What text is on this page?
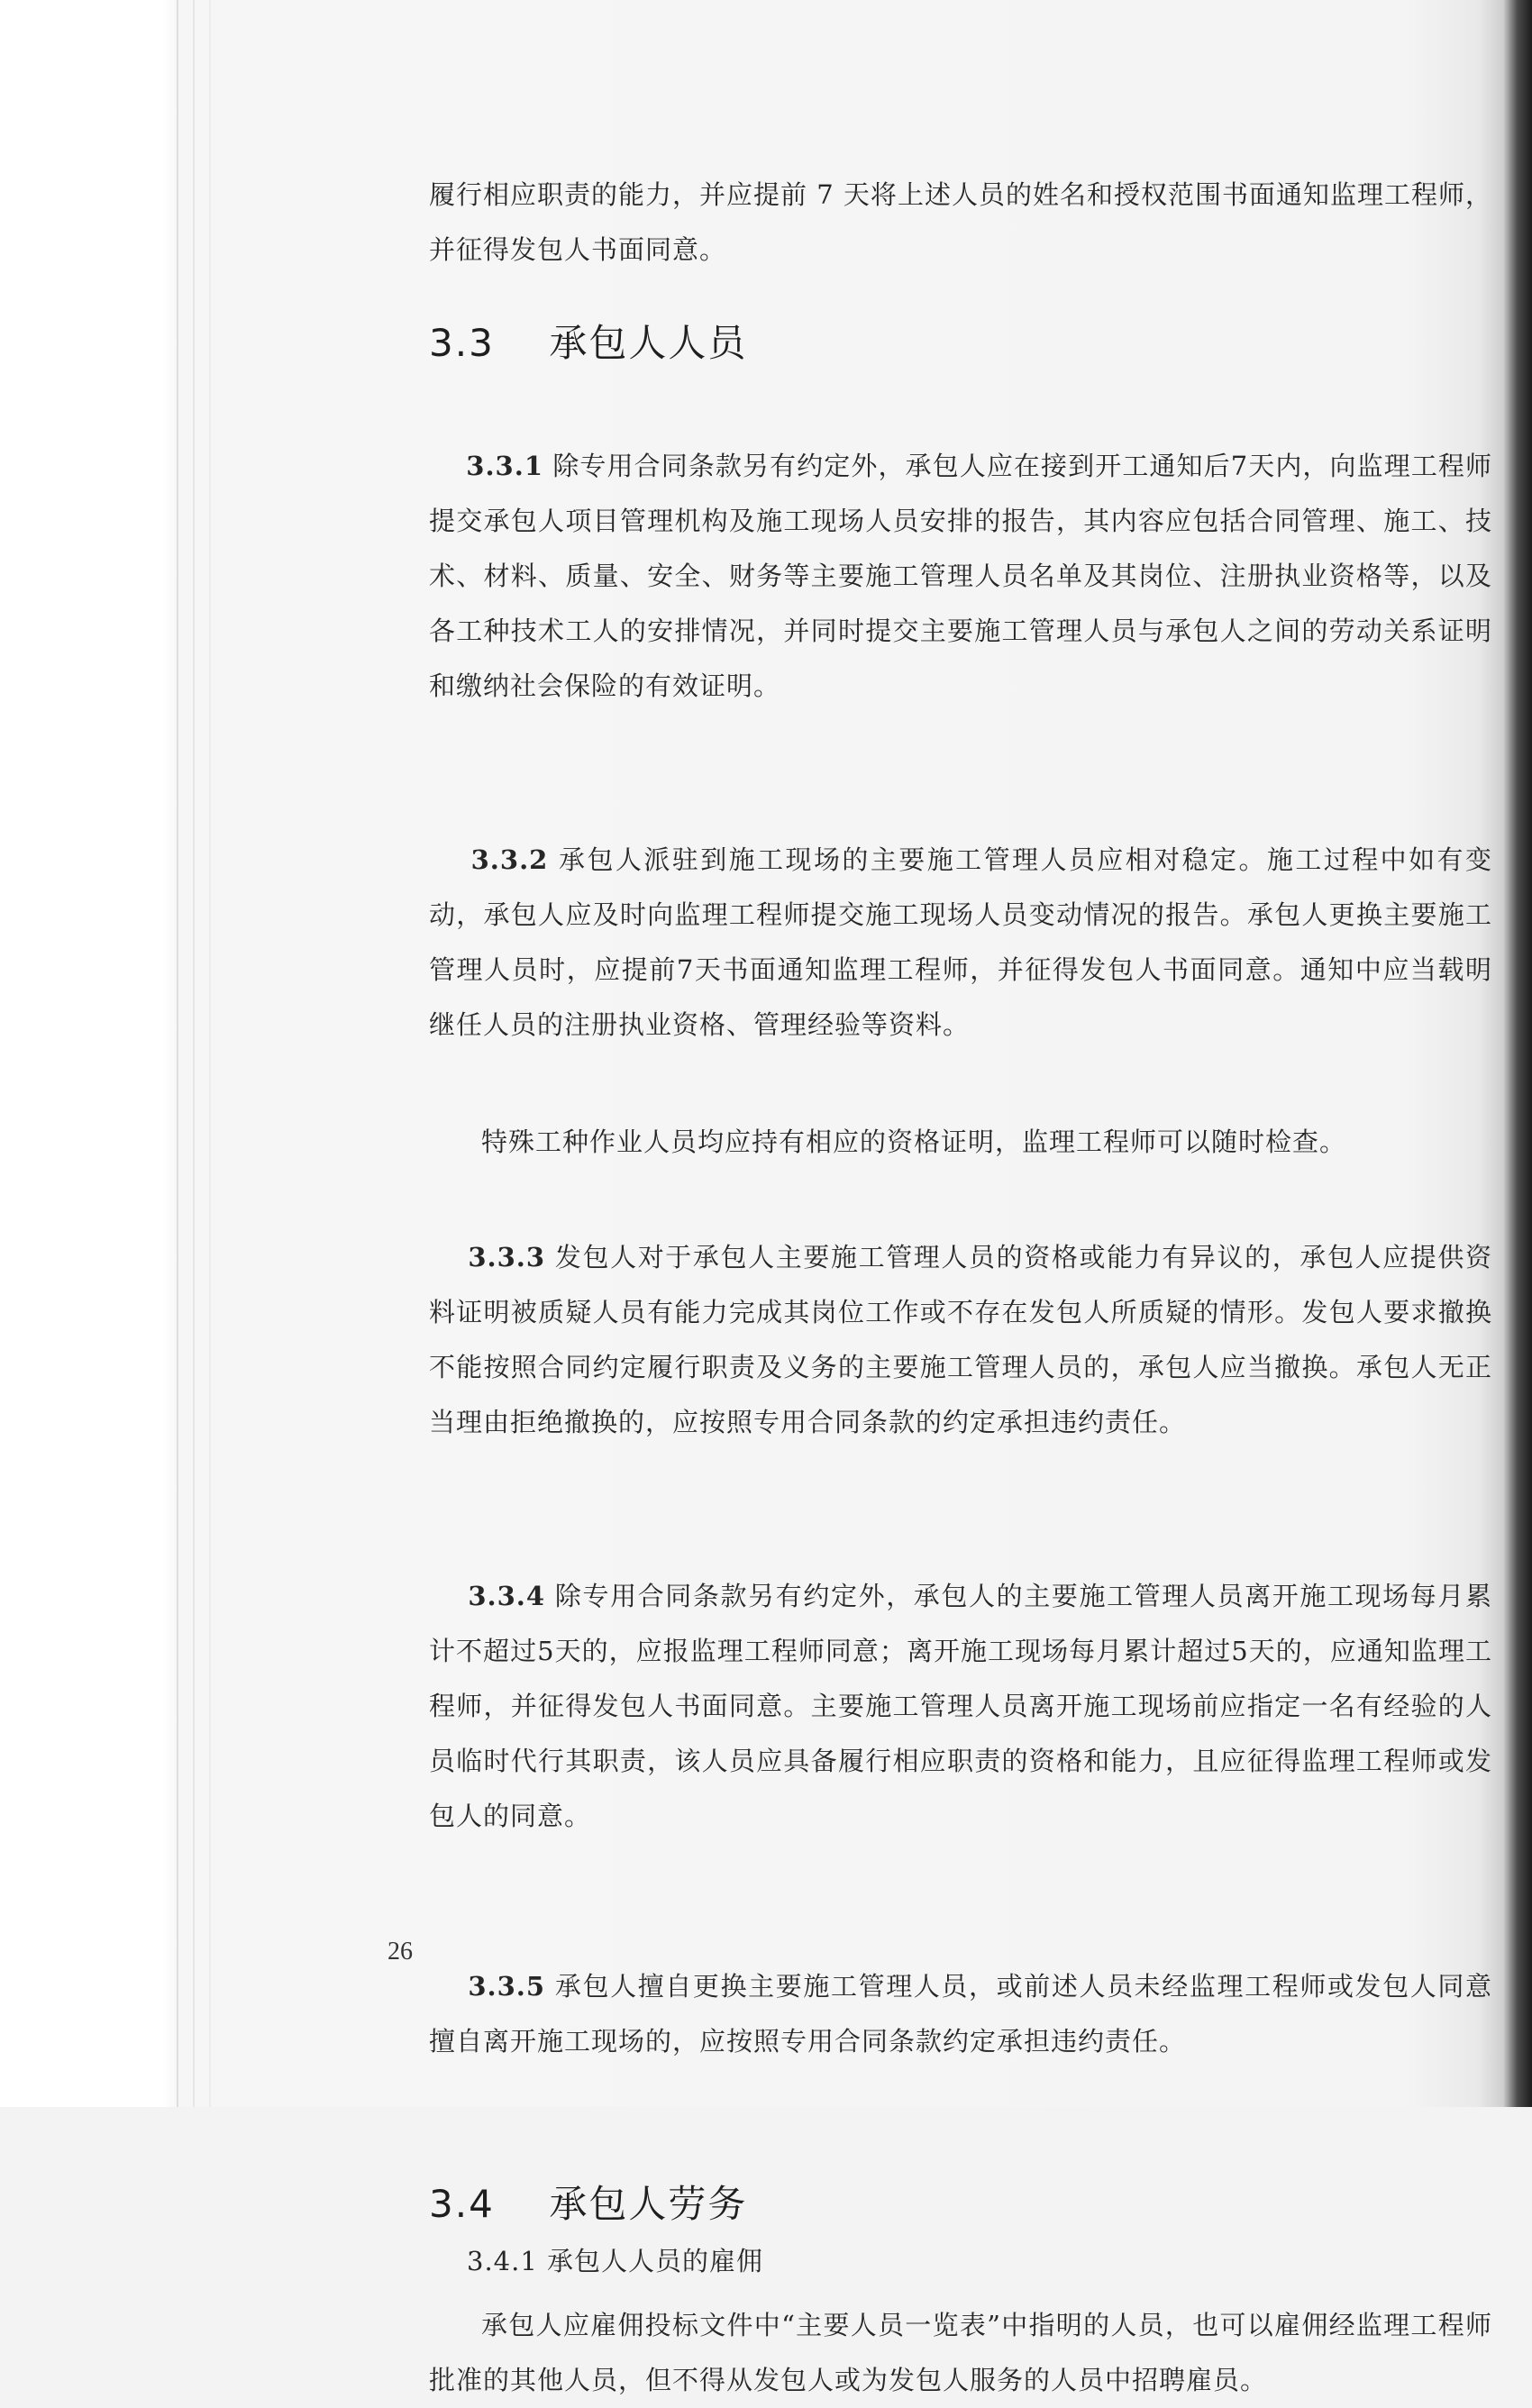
履行相应职责的能力，并应提前 7 天将上述人员的姓名和授权范围书面通知监理工程师，并征得发包人书面同意。

3.3 承包人人员

3.3.1 除专用合同条款另有约定外，承包人应在接到开工通知后7天内，向监理工程师提交承包人项目管理机构及施工现场人员安排的报告，其内容应包括合同管理、施工、技术、材料、质量、安全、财务等主要施工管理人员名单及其岗位、注册执业资格等，以及各工种技术工人的安排情况，并同时提交主要施工管理人员与承包人之间的劳动关系证明和缴纳社会保险的有效证明。

3.3.2 承包人派驻到施工现场的主要施工管理人员应相对稳定。施工过程中如有变动，承包人应及时向监理工程师提交施工现场人员变动情况的报告。承包人更换主要施工管理人员时，应提前7天书面通知监理工程师，并征得发包人书面同意。通知中应当载明继任人员的注册执业资格、管理经验等资料。

特殊工种作业人员均应持有相应的资格证明，监理工程师可以随时检查。

3.3.3 发包人对于承包人主要施工管理人员的资格或能力有异议的，承包人应提供资料证明被质疑人员有能力完成其岗位工作或不存在发包人所质疑的情形。发包人要求撤换不能按照合同约定履行职责及义务的主要施工管理人员的，承包人应当撤换。承包人无正当理由拒绝撤换的，应按照专用合同条款的约定承担违约责任。

3.3.4 除专用合同条款另有约定外，承包人的主要施工管理人员离开施工现场每月累计不超过5天的，应报监理工程师同意；离开施工现场每月累计超过5天的，应通知监理工程师，并征得发包人书面同意。主要施工管理人员离开施工现场前应指定一名有经验的人员临时代行其职责，该人员应具备履行相应职责的资格和能力，且应征得监理工程师或发包人的同意。

3.3.5 承包人擅自更换主要施工管理人员，或前述人员未经监理工程师或发包人同意擅自离开施工现场的，应按照专用合同条款约定承担违约责任。

3.4 承包人劳务

3.4.1 承包人人员的雇佣

承包人应雇佣投标文件中“主要人员一览表”中指明的人员，也可以雇佣经监理工程师批准的其他人员，但不得从发包人或为发包人服务的人员中招聘雇员。

26
